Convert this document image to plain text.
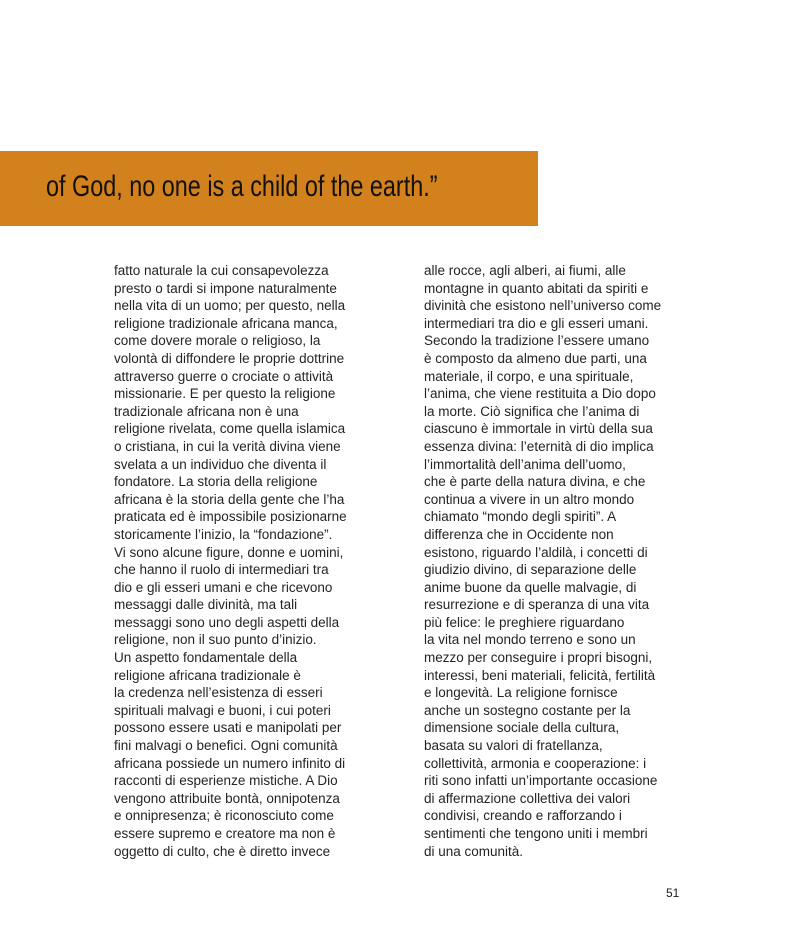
of God, no one is a child of the earth.”
fatto naturale la cui consapevolezza
presto o tardi si impone naturalmente
nella vita di un uomo; per questo, nella
religione tradizionale africana manca,
come dovere morale o religioso, la
volontà di diffondere le proprie dottrine
attraverso guerre o crociate o attività
missionarie. E per questo la religione
tradizionale africana non è una
religione rivelata, come quella islamica
o cristiana, in cui la verità divina viene
svelata a un individuo che diventa il
fondatore. La storia della religione
africana è la storia della gente che l’ha
praticata ed è impossibile posizionarne
storicamente l’inizio, la “fondazione”.
Vi sono alcune figure, donne e uomini,
che hanno il ruolo di intermediari tra
dio e gli esseri umani e che ricevono
messaggi dalle divinità, ma tali
messaggi sono uno degli aspetti della
religione, non il suo punto d’inizio.
Un aspetto fondamentale della
religione africana tradizionale è
la credenza nell’esistenza di esseri
spirituali malvagi e buoni, i cui poteri
possono essere usati e manipolati per
fini malvagi o benefici. Ogni comunità
africana possiede un numero infinito di
racconti di esperienze mistiche. A Dio
vengono attribuite bontà, onnipotenza
e onnipresenza; è riconosciuto come
essere supremo e creatore ma non è
oggetto di culto, che è diretto invece
alle rocce, agli alberi, ai fiumi, alle
montagne in quanto abitati da spiriti e
divinità che esistono nell’universo come
intermediari tra dio e gli esseri umani.
Secondo la tradizione l’essere umano
è composto da almeno due parti, una
materiale, il corpo, e una spirituale,
l’anima, che viene restituita a Dio dopo
la morte. Ciò significa che l’anima di
ciascuno è immortale in virtù della sua
essenza divina: l’eternità di dio implica
l’immortalità dell’anima dell’uomo,
che è parte della natura divina, e che
continua a vivere in un altro mondo
chiamato “mondo degli spiriti”. A
differenza che in Occidente non
esistono, riguardo l’aldilà, i concetti di
giudizio divino, di separazione delle
anime buone da quelle malvagie, di
resurrezione e di speranza di una vita
più felice: le preghiere riguardano
la vita nel mondo terreno e sono un
mezzo per conseguire i propri bisogni,
interessi, beni materiali, felicità, fertilità
e longevità. La religione fornisce
anche un sostegno costante per la
dimensione sociale della cultura,
basata su valori di fratellanza,
collettività, armonia e cooperazione: i
riti sono infatti un’importante occasione
di affermazione collettiva dei valori
condivisi, creando e rafforzando i
sentimenti che tengono uniti i membri
di una comunità.
51
